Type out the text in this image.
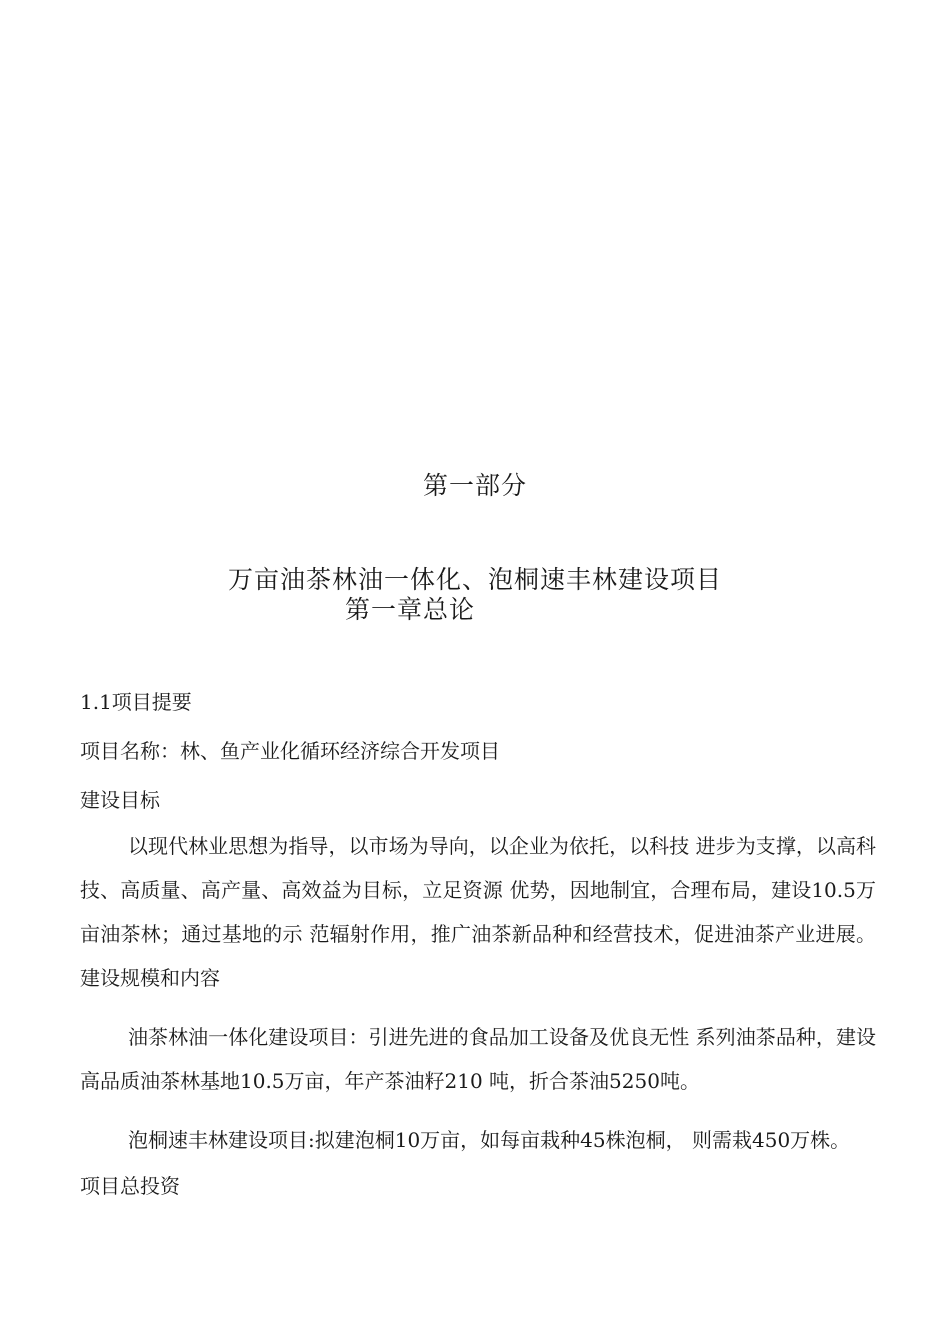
第一部分
万亩油茶林油一体化、泡桐速丰林建设项目
第一章总论

1.1项目提要

项目名称：林、鱼产业化循环经济综合开发项目

建设目标

以现代林业思想为指导，以市场为导向，以企业为依托，以科技 进步为支撑，以高科技、高质量、高产量、高效益为目标，立足资源 优势，因地制宜，合理布局，建设10.5万亩油茶林；通过基地的示 范辐射作用，推广油茶新品种和经营技术，促进油茶产业进展。 建设规模和内容

油茶林油一体化建设项目：引进先进的食品加工设备及优良无性 系列油茶品种，建设高品质油茶林基地10.5万亩，年产茶油籽210 吨，折合茶油5250吨。

泡桐速丰林建设项目:拟建泡桐10万亩，如每亩栽种45株泡桐， 则需栽450万株。

项目总投资
